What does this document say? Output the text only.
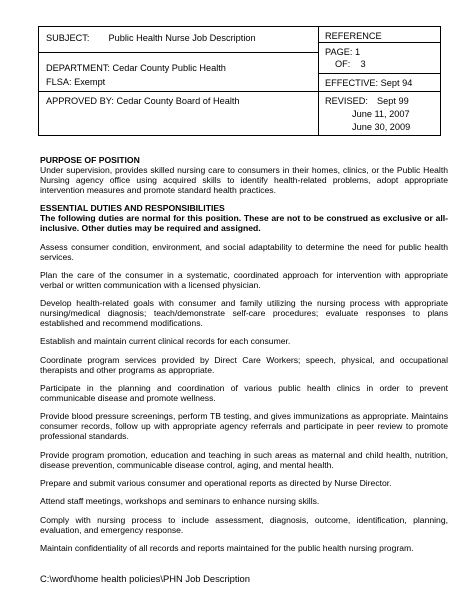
SUBJECT: Public Health Nurse Job Description
DEPARTMENT: Cedar County Public Health
FLSA: Exempt
APPROVED BY: Cedar County Board of Health
REFERENCE
PAGE: 1
OF: 3
EFFECTIVE: Sept 94
REVISED: Sept 99
June 11, 2007
June 30, 2009
PURPOSE OF POSITION

Under supervision, provides skilled nursing care to consumers in their homes, clinics, or the Public Health Nursing agency office using acquired skills to identify health-related problems, adopt appropriate intervention measures and promote standard health practices.

ESSENTIAL DUTIES AND RESPONSIBILITIES

The following duties are normal for this position. These are not to be construed as exclusive or all-inclusive. Other duties may be required and assigned.

Assess consumer condition, environment, and social adaptability to determine the need for public health services.

Plan the care of the consumer in a systematic, coordinated approach for intervention with appropriate verbal or written communication with a licensed physician.

Develop health-related goals with consumer and family utilizing the nursing process with appropriate nursing/medical diagnosis; teach/demonstrate self-care procedures; evaluate responses to plans established and recommend modifications.

Establish and maintain current clinical records for each consumer.

Coordinate program services provided by Direct Care Workers; speech, physical, and occupational therapists and other programs as appropriate.

Participate in the planning and coordination of various public health clinics in order to prevent communicable disease and promote wellness.

Provide blood pressure screenings, perform TB testing, and gives immunizations as appropriate. Maintains consumer records, follow up with appropriate agency referrals and participate in peer review to promote professional standards.

Provide program promotion, education and teaching in such areas as maternal and child health, nutrition, disease prevention, communicable disease control, aging, and mental health.

Prepare and submit various consumer and operational reports as directed by Nurse Director.

Attend staff meetings, workshops and seminars to enhance nursing skills.

Comply with nursing process to include assessment, diagnosis, outcome, identification, planning, evaluation, and emergency response.

Maintain confidentiality of all records and reports maintained for the public health nursing program.

C:\word\home health policies\PHN Job Description
